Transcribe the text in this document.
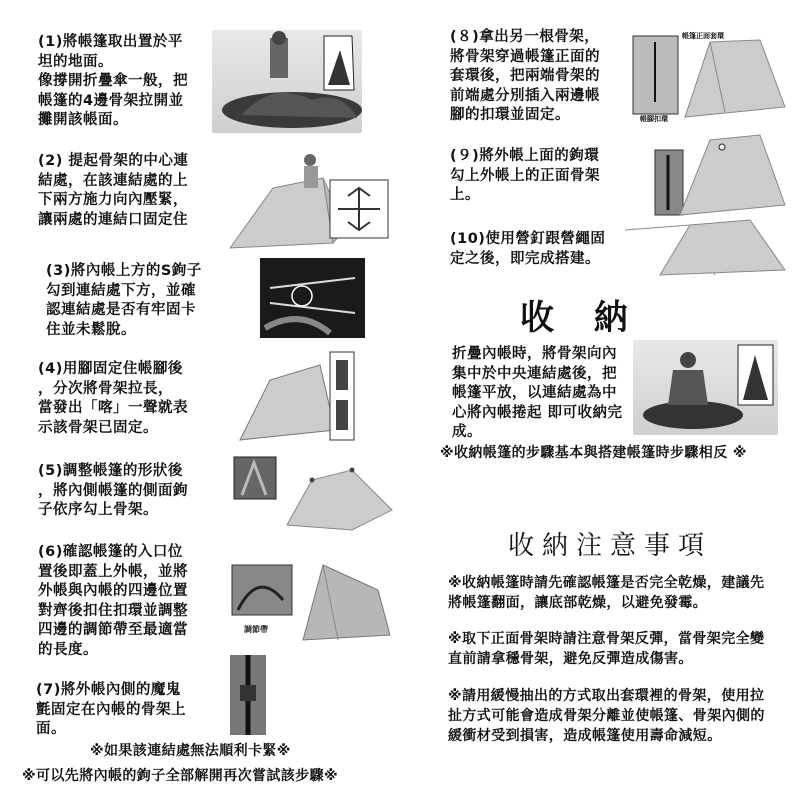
(1)將帳篷取出置於平
坦的地面。
像撐開折疊傘一般，把
帳篷的4邊骨架拉開並
攤開該帳面。
(2) 提起骨架的中心連
結處，在該連結處的上
下兩方施力向內壓緊，
讓兩處的連結口固定住
(3)將內帳上方的S鉤子
勾到連結處下方，並確
認連結處是否有牢固卡
住並未鬆脫。
(4)用腳固定住帳腳後
，分次將骨架拉長，
當發出「喀」一聲就表
示該骨架已固定。
(5)調整帳篷的形狀後
，將內側帳篷的側面鉤
子依序勾上骨架。
(6)確認帳篷的入口位
置後即蓋上外帳，並將
外帳與內帳的四邊位置
對齊後扣住扣環並調整
四邊的調節帶至最適當
的長度。
(7)將外帳內側的魔鬼
氈固定在內帳的骨架上
面。
※如果該連結處無法順利卡緊※
※可以先將內帳的鉤子全部解開再次嘗試該步驟※
調節帶
(８)拿出另一根骨架，
將骨架穿過帳篷正面的
套環後，把兩端骨架的
前端處分別插入兩邊帳
腳的扣環並固定。
(９)將外帳上面的鉤環
勾上外帳上的正面骨架
上。
(10)使用營釘跟營繩固
定之後，即完成搭建。
帳篷正面套環
帳腳扣環
收 納
折疊內帳時，將骨架向內
集中於中央連結處後，把
帳篷平放，以連結處為中
心將內帳捲起 即可收納完
成。
※收納帳篷的步驟基本與搭建帳篷時步驟相反 ※
收納注意事項
※收納帳篷時請先確認帳篷是否完全乾燥，建議先將帳篷翻面，讓底部乾燥，以避免發霉。
※取下正面骨架時請注意骨架反彈，當骨架完全變直前請拿穩骨架，避免反彈造成傷害。
※請用緩慢抽出的方式取出套環裡的骨架，使用拉扯方式可能會造成骨架分離並使帳篷、骨架內側的緩衝材受到損害，造成帳篷使用壽命減短。
